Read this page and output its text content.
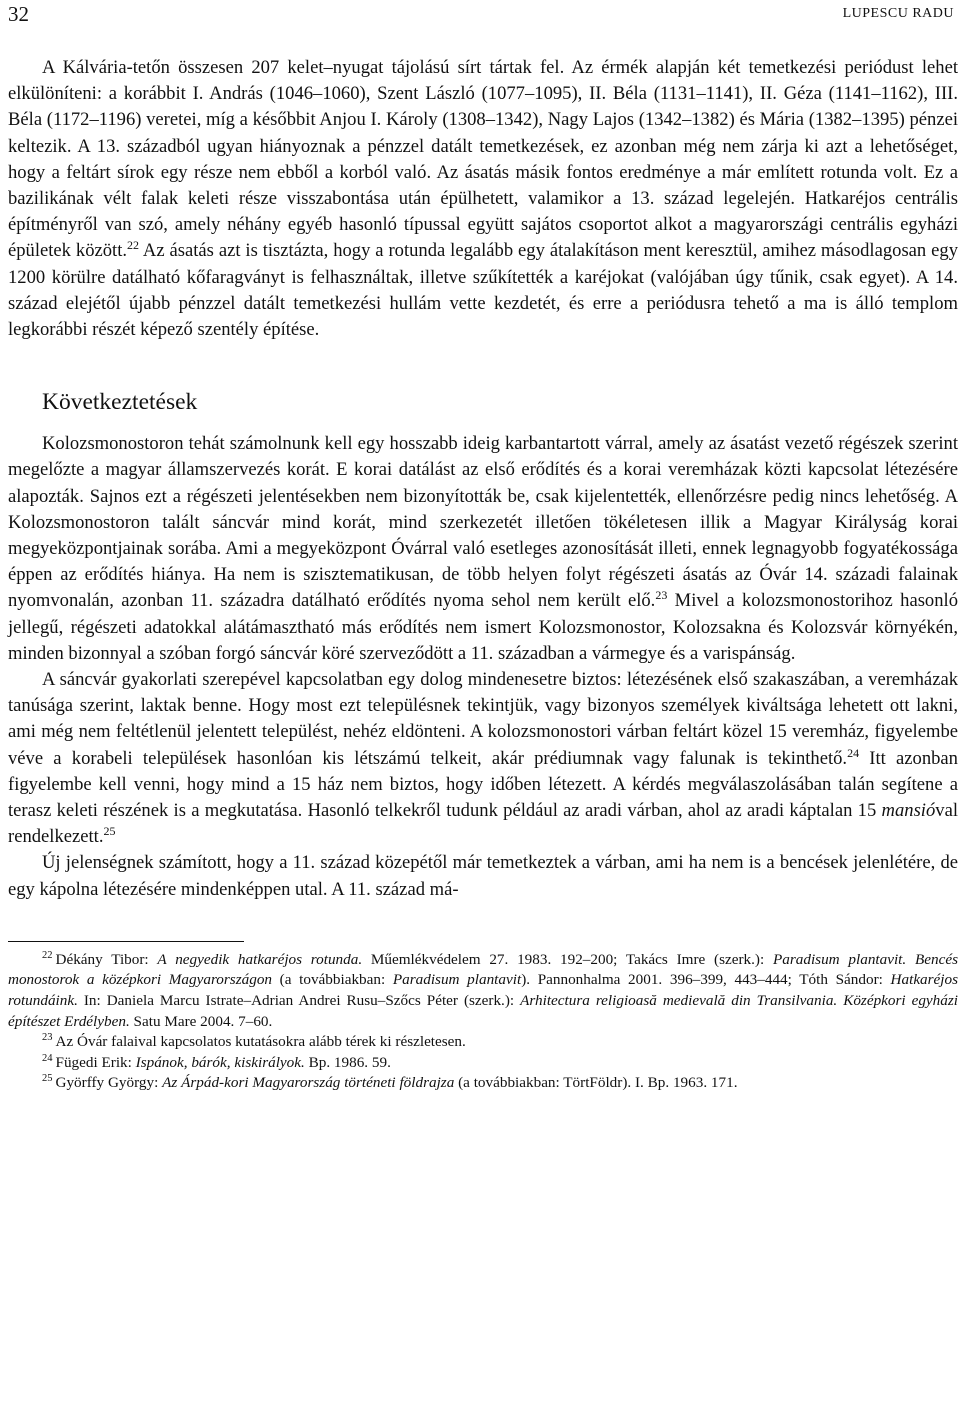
32	LUPESCU RADU

A Kálvária-tetőn összesen 207 kelet–nyugat tájolású sírt tártak fel. Az érmék alapján két temetkezési periódust lehet elkülöníteni: a korábbit I. András (1046–1060), Szent László (1077–1095), II. Béla (1131–1141), II. Géza (1141–1162), III. Béla (1172–1196) veretei, míg a későbbit Anjou I. Károly (1308–1342), Nagy Lajos (1342–1382) és Mária (1382–1395) pénzei keltezik. A 13. századból ugyan hiányoznak a pénzzel datált temetkezések, ez azonban még nem zárja ki azt a lehetőséget, hogy a feltárt sírok egy része nem ebből a korból való. Az ásatás másik fontos eredménye a már említett rotunda volt. Ez a bazilikának vélt falak keleti része visszabontása után épülhetett, valamikor a 13. század legelején. Hatkaréjos centrális építményről van szó, amely néhány egyéb hasonló típussal együtt sajátos csoportot alkot a magyarországi centrális egyházi épületek között.$^{22}$ Az ásatás azt is tisztázta, hogy a rotunda legalább egy átalakításon ment keresztül, amihez másodlagosan egy 1200 körülre datálható kőfaragványt is felhasználtak, illetve szűkítették a karéjokat (valójában úgy tűnik, csak egyet). A 14. század elejétől újabb pénzzel datált temetkezési hullám vette kezdetét, és erre a periódusra tehető a ma is álló templom legkorábbi részét képező szentély építése.

Következtetések

Kolozsmonostoron tehát számolnunk kell egy hosszabb ideig karbantartott várral, amely az ásatást vezető régészek szerint megelőzte a magyar államszervezés korát. E korai datálást az első erődítés és a korai veremházak közti kapcsolat létezésére alapozták. Sajnos ezt a régészeti jelentésekben nem bizonyították be, csak kijelentették, ellenőrzésre pedig nincs lehetőség. A Kolozsmonostoron talált sáncvár mind korát, mind szerkezetét illetően tökéletesen illik a Magyar Királyság korai megyeközpontjainak sorába. Ami a megyeközpont Óvárral való esetleges azonosítását illeti, ennek legnagyobb fogyatékossága éppen az erődítés hiánya. Ha nem is szisztematikusan, de több helyen folyt régészeti ásatás az Óvár 14. századi falainak nyomvonalán, azonban 11. századra datálható erődítés nyoma sehol nem került elő.$^{23}$ Mivel a kolozsmonostorihoz hasonló jellegű, régészeti adatokkal alátámasztható más erődítés nem ismert Kolozsmonostor, Kolozsakna és Kolozsvár környékén, minden bizonnyal a szóban forgó sáncvár köré szerveződött a 11. században a vármegye és a varispánság.

A sáncvár gyakorlati szerepével kapcsolatban egy dolog mindenesetre biztos: létezésének első szakaszában, a veremházak tanúsága szerint, laktak benne. Hogy most ezt településnek tekintjük, vagy bizonyos személyek kiváltsága lehetett ott lakni, ami még nem feltétlenül jelentett települést, nehéz eldönteni. A kolozsmonostori várban feltárt közel 15 veremház, figyelembe véve a korabeli települések hasonlóan kis létszámú telkeit, akár prédiumnak vagy falunak is tekinthető.$^{24}$ Itt azonban figyelembe kell venni, hogy mind a 15 ház nem biztos, hogy időben létezett. A kérdés megválaszolásában talán segítene a terasz keleti részének is a megkutatása. Hasonló telkekről tudunk például az aradi várban, ahol az aradi káptalan 15 mansióval rendelkezett.$^{25}$

Új jelenségnek számított, hogy a 11. század közepétől már temetkeztek a várban, ami ha nem is a bencések jelenlétére, de egy kápolna létezésére mindenképpen utal. A 11. század má-

$^{22}$ Dékány Tibor: A negyedik hatkaréjos rotunda. Műemlékvédelem 27. 1983. 192–200; Takács Imre (szerk.): Paradisum plantavit. Bencés monostorok a középkori Magyarországon (a továbbiakban: Paradisum plantavit). Pannonhalma 2001. 396–399, 443–444; Tóth Sándor: Hatkaréjos rotundáink. In: Daniela Marcu Istrate–Adrian Andrei Rusu–Szőcs Péter (szerk.): Arhitectura religioasă medievală din Transilvania. Középkori egyházi építészet Erdélyben. Satu Mare 2004. 7–60.

$^{23}$ Az Óvár falaival kapcsolatos kutatásokra alább térek ki részletesen.

$^{24}$ Fügedi Erik: Ispánok, bárók, kiskirályok. Bp. 1986. 59.

$^{25}$ Györffy György: Az Árpád-kori Magyarország történeti földrajza (a továbbiakban: TörtFöldr). I. Bp. 1963. 171.
